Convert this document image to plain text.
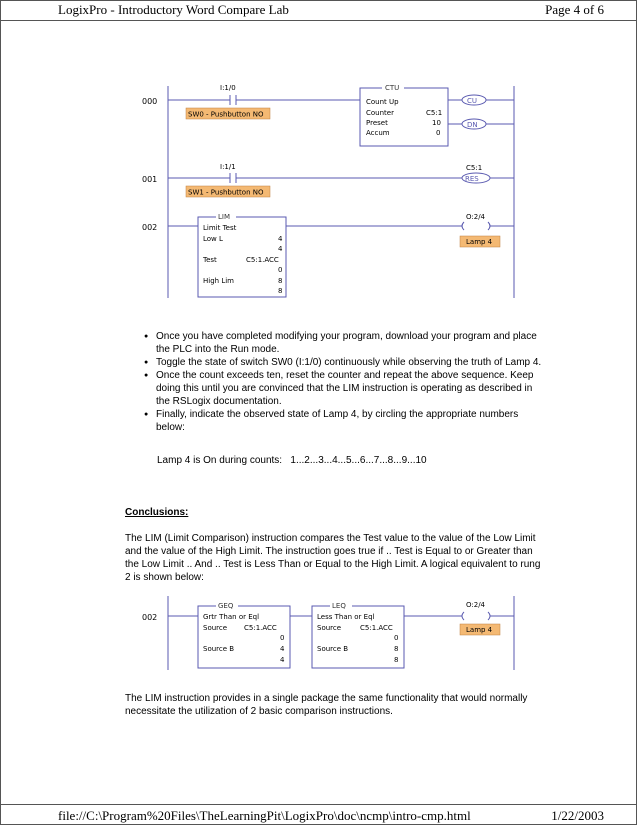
LogixPro - Introductory Word Compare Lab	Page 4 of 6
000
I:1/0
SW0 - Pushbutton NO
CTU
Count Up
Counter	C5:1
Preset	10
Accum	0
CU
DN
001
I:1/1
SW1 - Pushbutton NO
C5:1
RES
002
LIM
Limit Test
Low L	4
4
Test	C5:1.ACC
0
High Lim	8
8
O:2/4
Lamp 4
● Once you have completed modifying your program, download your program and place the PLC into the Run mode.
● Toggle the state of switch SW0 (I:1/0) continuously while observing the truth of Lamp 4.
● Once the count exceeds ten, reset the counter and repeat the above sequence. Keep doing this until you are convinced that the LIM instruction is operating as described in the RSLogix documentation.
● Finally, indicate the observed state of Lamp 4, by circling the appropriate numbers below:
Lamp 4 is On during counts:   1...2...3...4...5...6...7...8...9...10
Conclusions:
The LIM (Limit Comparison) instruction compares the Test value to the value of the Low Limit and the value of the High Limit. The instruction goes true if .. Test is Equal to or Greater than the Low Limit .. And .. Test is Less Than or Equal to the High Limit. A logical equivalent to rung 2 is shown below:
002
GEQ
Grtr Than or Eql
Source C5:1.ACC
0
Source B	4
4
LEQ
Less Than or Eql
Source	C5:1.ACC
0
Source B	8
8
O:2/4
Lamp 4
The LIM instruction provides in a single package the same functionality that would normally necessitate the utilization of 2 basic comparison instructions.
file://C:\Program%20Files\TheLearningPit\LogixPro\doc\ncmp\intro-cmp.html	1/22/2003
